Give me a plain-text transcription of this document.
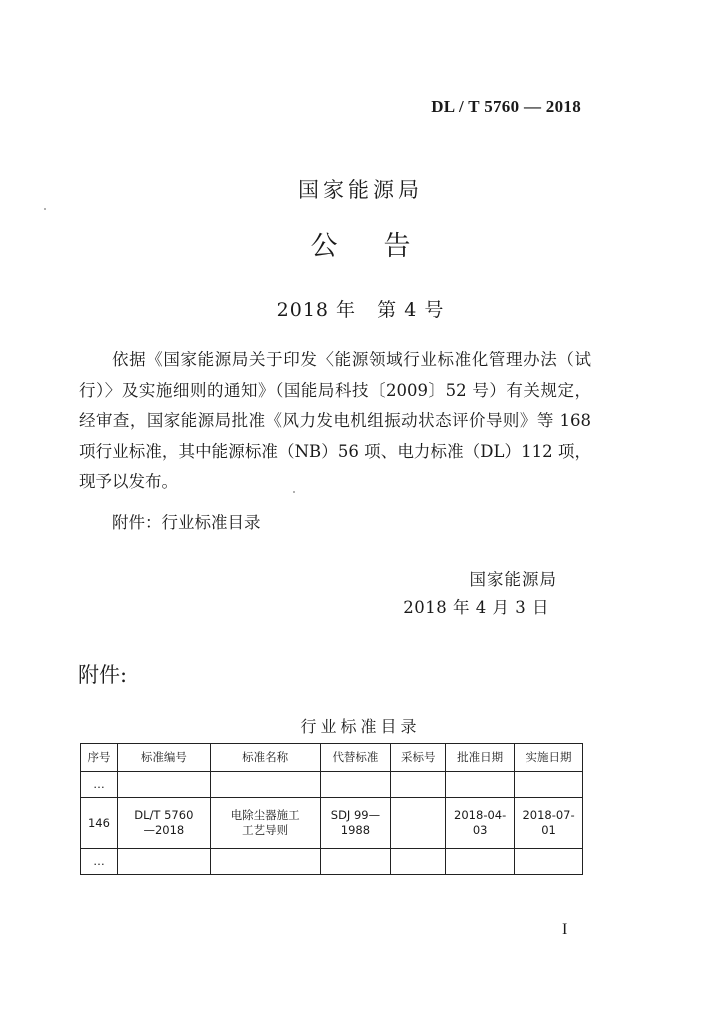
DL / T 5760 — 2018
国家能源局
公告
2018 年   第 4 号
依据《国家能源局关于印发〈能源领域行业标准化管理办法（试行）〉及实施细则的通知》（国能局科技〔2009〕52 号）有关规定，经审查，国家能源局批准《风力发电机组振动状态评价导则》等 168 项行业标准，其中能源标准（NB）56 项、电力标准（DL）112 项，现予以发布。
附件：行业标准目录
国家能源局
2018 年 4 月 3 日
附件:
行业标准目录
序号	标准编号	标准名称	代替标准	采标号	批准日期	实施日期
…						
146	DL/T 5760—2018	电除尘器施工工艺导则	SDJ 99—1988		2018-04-03	2018-07-01
…						
I
